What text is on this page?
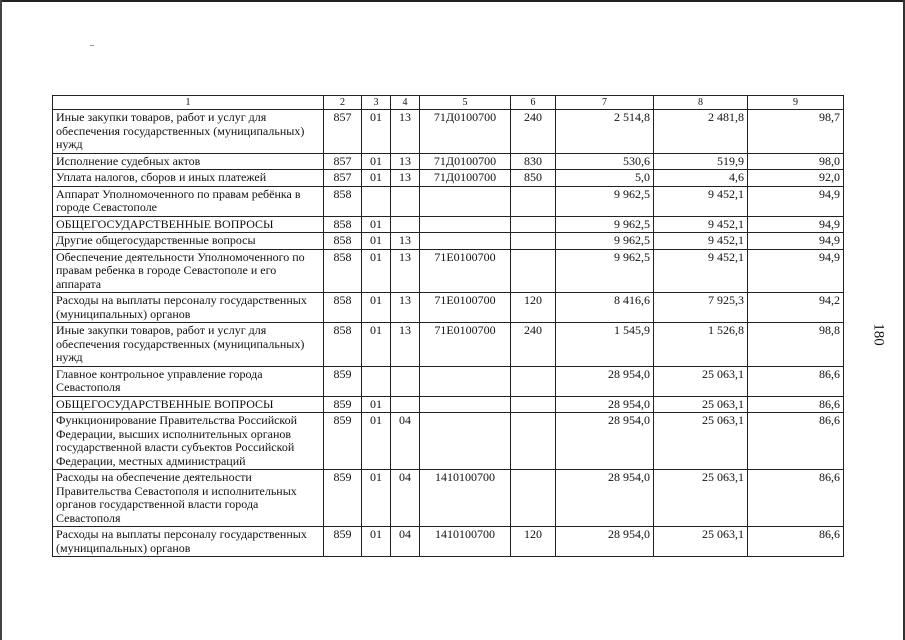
1	2	3	4	5	6	7	8	9
Иные закупки товаров, работ и услуг для обеспечения государственных (муниципальных) нужд	857	01	13	71Д0100700	240	2 514,8	2 481,8	98,7
Исполнение судебных актов	857	01	13	71Д0100700	830	530,6	519,9	98,0
Уплата налогов, сборов и иных платежей	857	01	13	71Д0100700	850	5,0	4,6	92,0
Аппарат Уполномоченного по правам ребёнка в городе Севастополе	858					9 962,5	9 452,1	94,9
ОБЩЕГОСУДАРСТВЕННЫЕ ВОПРОСЫ	858	01				9 962,5	9 452,1	94,9
Другие общегосударственные вопросы	858	01	13			9 962,5	9 452,1	94,9
Обеспечение деятельности Уполномоченного по правам ребенка в городе Севастополе и его аппарата	858	01	13	71Е0100700		9 962,5	9 452,1	94,9
Расходы на выплаты персоналу государственных (муниципальных) органов	858	01	13	71Е0100700	120	8 416,6	7 925,3	94,2
Иные закупки товаров, работ и услуг для обеспечения государственных (муниципальных) нужд	858	01	13	71Е0100700	240	1 545,9	1 526,8	98,8
Главное контрольное управление города Севастополя	859					28 954,0	25 063,1	86,6
ОБЩЕГОСУДАРСТВЕННЫЕ ВОПРОСЫ	859	01				28 954,0	25 063,1	86,6
Функционирование Правительства Российской Федерации, высших исполнительных органов государственной власти субъектов Российской Федерации, местных администраций	859	01	04			28 954,0	25 063,1	86,6
Расходы на обеспечение деятельности Правительства Севастополя и исполнительных органов государственной власти города Севастополя	859	01	04	1410100700		28 954,0	25 063,1	86,6
Расходы на выплаты персоналу государственных (муниципальных) органов	859	01	04	1410100700	120	28 954,0	25 063,1	86,6
180
